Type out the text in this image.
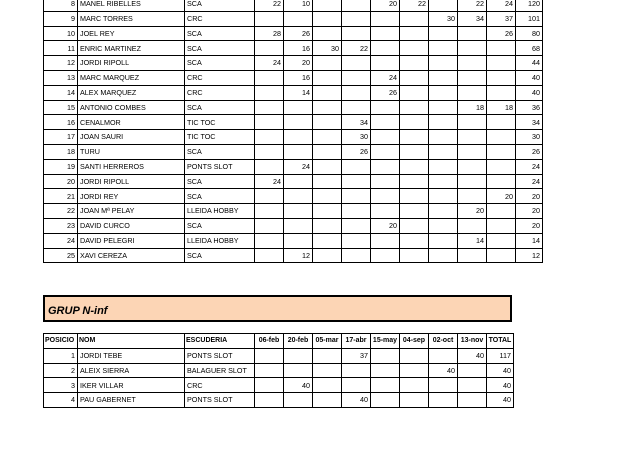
8	MANEL RIBELLES	SCA	22	10			20	22		22	24	120
9	MARC TORRES	CRC							30	34	37	101
10	JOEL REY	SCA	28	26							26	80
11	ENRIC MARTINEZ	SCA		16	30	22						68
12	JORDI RIPOLL	SCA	24	20								44
13	MARC MARQUEZ	CRC		16			24					40
14	ALEX MARQUEZ	CRC		14			26					40
15	ANTONIO COMBES	SCA								18	18	36
16	CENALMOR	TIC TOC				34						34
17	JOAN SAURI	TIC TOC				30						30
18	TURU	SCA				26						26
19	SANTI HERREROS	PONTS SLOT		24								24
20	JORDI RIPOLL	SCA	24									24
21	JORDI REY	SCA									20	20
22	JOAN Mª PELAY	LLEIDA HOBBY								20		20
23	DAVID CURCO	SCA					20					20
24	DAVID PELEGRI	LLEIDA HOBBY								14		14
25	XAVI CEREZA	SCA		12								12
GRUP N-inf
POSICIO	NOM	ESCUDERIA	06-feb	20-feb	05-mar	17-abr	15-may	04-sep	02-oct	13-nov	TOTAL
1	JORDI TEBE	PONTS SLOT				37				40	117
2	ALEIX SIERRA	BALAGUER SLOT							40		40
3	IKER VILLAR	CRC		40							40
4	PAU GABERNET	PONTS SLOT				40					40
